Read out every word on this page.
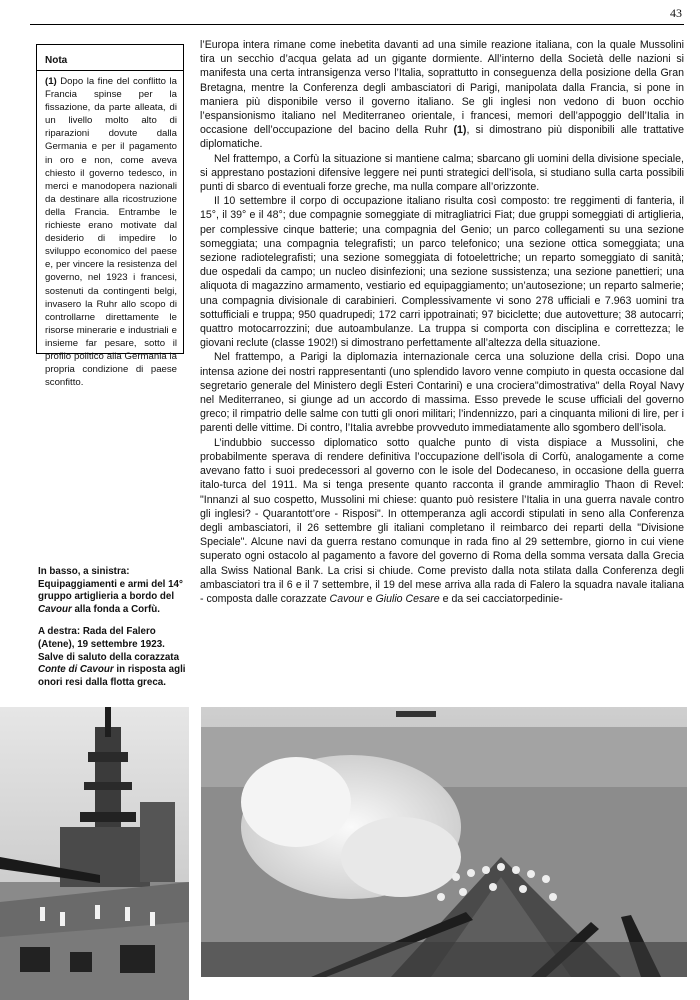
43
Nota

(1) Dopo la fine del conflitto la Francia spinse per la fissazione, da parte alleata, di un livello molto alto di riparazioni dovute dalla Germania e per il pagamento in oro e non, come aveva chiesto il governo tedesco, in merci e manodopera nazionali da destinare alla ricostruzione della Francia. Entrambe le richieste erano motivate dal desiderio di impedire lo sviluppo economico del paese e, per vincere la resistenza del governo, nel 1923 i francesi, sostenuti da contingenti belgi, invasero la Ruhr allo scopo di controllarne direttamente le risorse minerarie e industriali e insieme far pesare, sotto il profilo politico alla Germania la propria condizione di paese sconfitto.

In basso, a sinistra: Equipaggiamenti e armi del 14° gruppo artiglieria a bordo del Cavour alla fonda a Corfù.

A destra: Rada del Falero (Atene), 19 settembre 1923. Salve di saluto della corazzata Conte di Cavour in risposta agli onori resi dalla flotta greca.

l’Europa intera rimane come inebetita davanti ad una simile reazione italiana, con la quale Mussolini tira un secchio d’acqua gelata ad un gigante dormiente. All’interno della Società delle nazioni si manifesta una certa intransigenza verso l’Italia, soprattutto in conseguenza della posizione della Gran Bretagna, mentre la Conferenza degli ambasciatori di Parigi, manipolata dalla Francia, si pone in maniera più disponibile verso il governo italiano. Se gli inglesi non vedono di buon occhio l’espansionismo italiano nel Mediterraneo orientale, i francesi, memori dell’appoggio dell’Italia in occasione dell’occupazione del bacino della Ruhr (1), si dimostrano più disponibili alle trattative diplomatiche.

Nel frattempo, a Corfù la situazione si mantiene calma; sbarcano gli uomini della divisione speciale, si apprestano postazioni difensive leggere nei punti strategici dell’isola, si studiano sulla carta possibili punti di sbarco di eventuali forze greche, ma nulla compare all’orizzonte.

Il 10 settembre il corpo di occupazione italiano risulta così composto: tre reggimenti di fanteria, il 15°, il 39° e il 48°; due compagnie someggiate di mitragliatrici Fiat; due gruppi someggiati di artiglieria, per complessive cinque batterie; una compagnia del Genio; un parco collegamenti su una sezione someggiata; una compagnia telegrafisti; un parco telefonico; una sezione ottica someggiata; una sezione radiotelegrafisti; una sezione someggiata di fotoelettriche; un reparto someggiato di sanità; due ospedali da campo; un nucleo disinfezioni; una sezione sussistenza; una sezione panettieri; una aliquota di magazzino armamento, vestiario ed equipaggiamento; un’autosezione; un reparto salmerie; una compagnia divisionale di carabinieri. Complessivamente vi sono 278 ufficiali e 7.963 uomini tra sottufficiali e truppa; 950 quadrupedi; 172 carri ippotrainati; 97 biciclette; due autovetture; 38 autocarri; quattro motocarrozzini; due autoambulanze. La truppa si comporta con disciplina e correttezza; le giovani reclute (classe 1902!) si dimostrano perfettamente all’altezza della situazione.

Nel frattempo, a Parigi la diplomazia internazionale cerca una soluzione della crisi. Dopo una intensa azione dei nostri rappresentanti (uno splendido lavoro venne compiuto in questa occasione dal segretario generale del Ministero degli Esteri Contarini) e una crociera"dimostrativa" della Royal Navy nel Mediterraneo, si giunge ad un accordo di massima. Esso prevede le scuse ufficiali del governo greco; il rimpatrio delle salme con tutti gli onori militari; l’indennizzo, pari a cinquanta milioni di lire, per i parenti delle vittime. Di contro, l’Italia avrebbe provveduto immediatamente allo sgombero dell’isola.

L’indubbio successo diplomatico sotto qualche punto di vista dispiace a Mussolini, che probabilmente sperava di rendere definitiva l’occupazione dell’isola di Corfù, analogamente a come avevano fatto i suoi predecessori al governo con le isole del Dodecaneso, in occasione della guerra italo-turca del 1911. Ma si tenga presente quanto racconta il grande ammiraglio Thaon di Revel: "Innanzi al suo cospetto, Mussolini mi chiese: quanto può resistere l’Italia in una guerra navale contro gli inglesi? - Quarantott’ore - Risposi". In ottemperanza agli accordi stipulati in seno alla Conferenza degli ambasciatori, il 26 settembre gli italiani completano il reimbarco dei reparti della "Divisione Speciale". Alcune navi da guerra restano comunque in rada fino al 29 settembre, giorno in cui viene superato ogni ostacolo al pagamento a favore del governo di Roma della somma versata dalla Grecia alla Swiss National Bank. La crisi si chiude. Come previsto dalla nota stilata dalla Conferenza degli ambasciatori tra il 6 e il 7 settembre, il 19 del mese arriva alla rada di Falero la squadra navale italiana - composta dalle corazzate Cavour e Giulio Cesare e da sei cacciatorpedinie-
